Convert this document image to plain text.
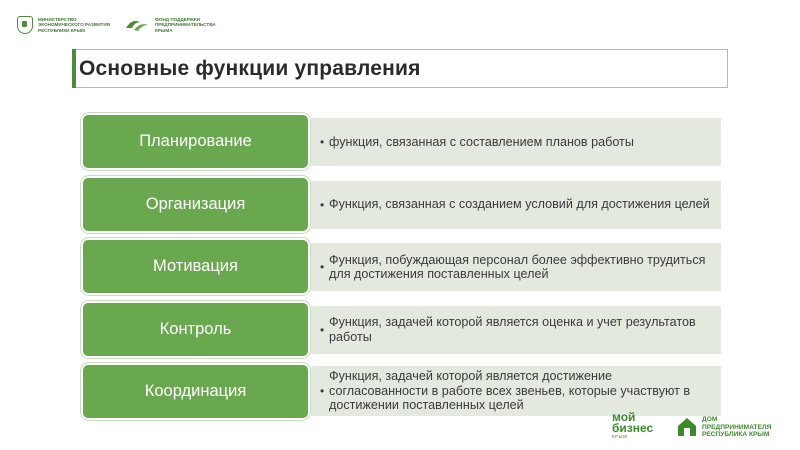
МИНИСТЕРСТВО ЭКОНОМИЧЕСКОГО РАЗВИТИЯ РЕСПУБЛИКИ КРЫМ
ФОНД ПОДДЕРЖКИ ПРЕДПРИНИМАТЕЛЬСТВА КРЫМА
Основные функции управления
• функция, связанная с составлением планов работы
Планирование
• Функция, связанная с созданием условий для достижения целей
Организация
•
Функция, побуждающая персонал более эффективно трудиться для достижения поставленных целей
Мотивация
•
Функция, задачей которой является оценка и учет результатов работы
Контроль
•
Функция, задачей которой является достижение согласованности в работе всех звеньев, которые участвуют в достижении поставленных целей
Координация
мой
бизнес
КРЫМ
ДОМ
ПРЕДПРИНИМАТЕЛЯ
РЕСПУБЛИКА КРЫМ
